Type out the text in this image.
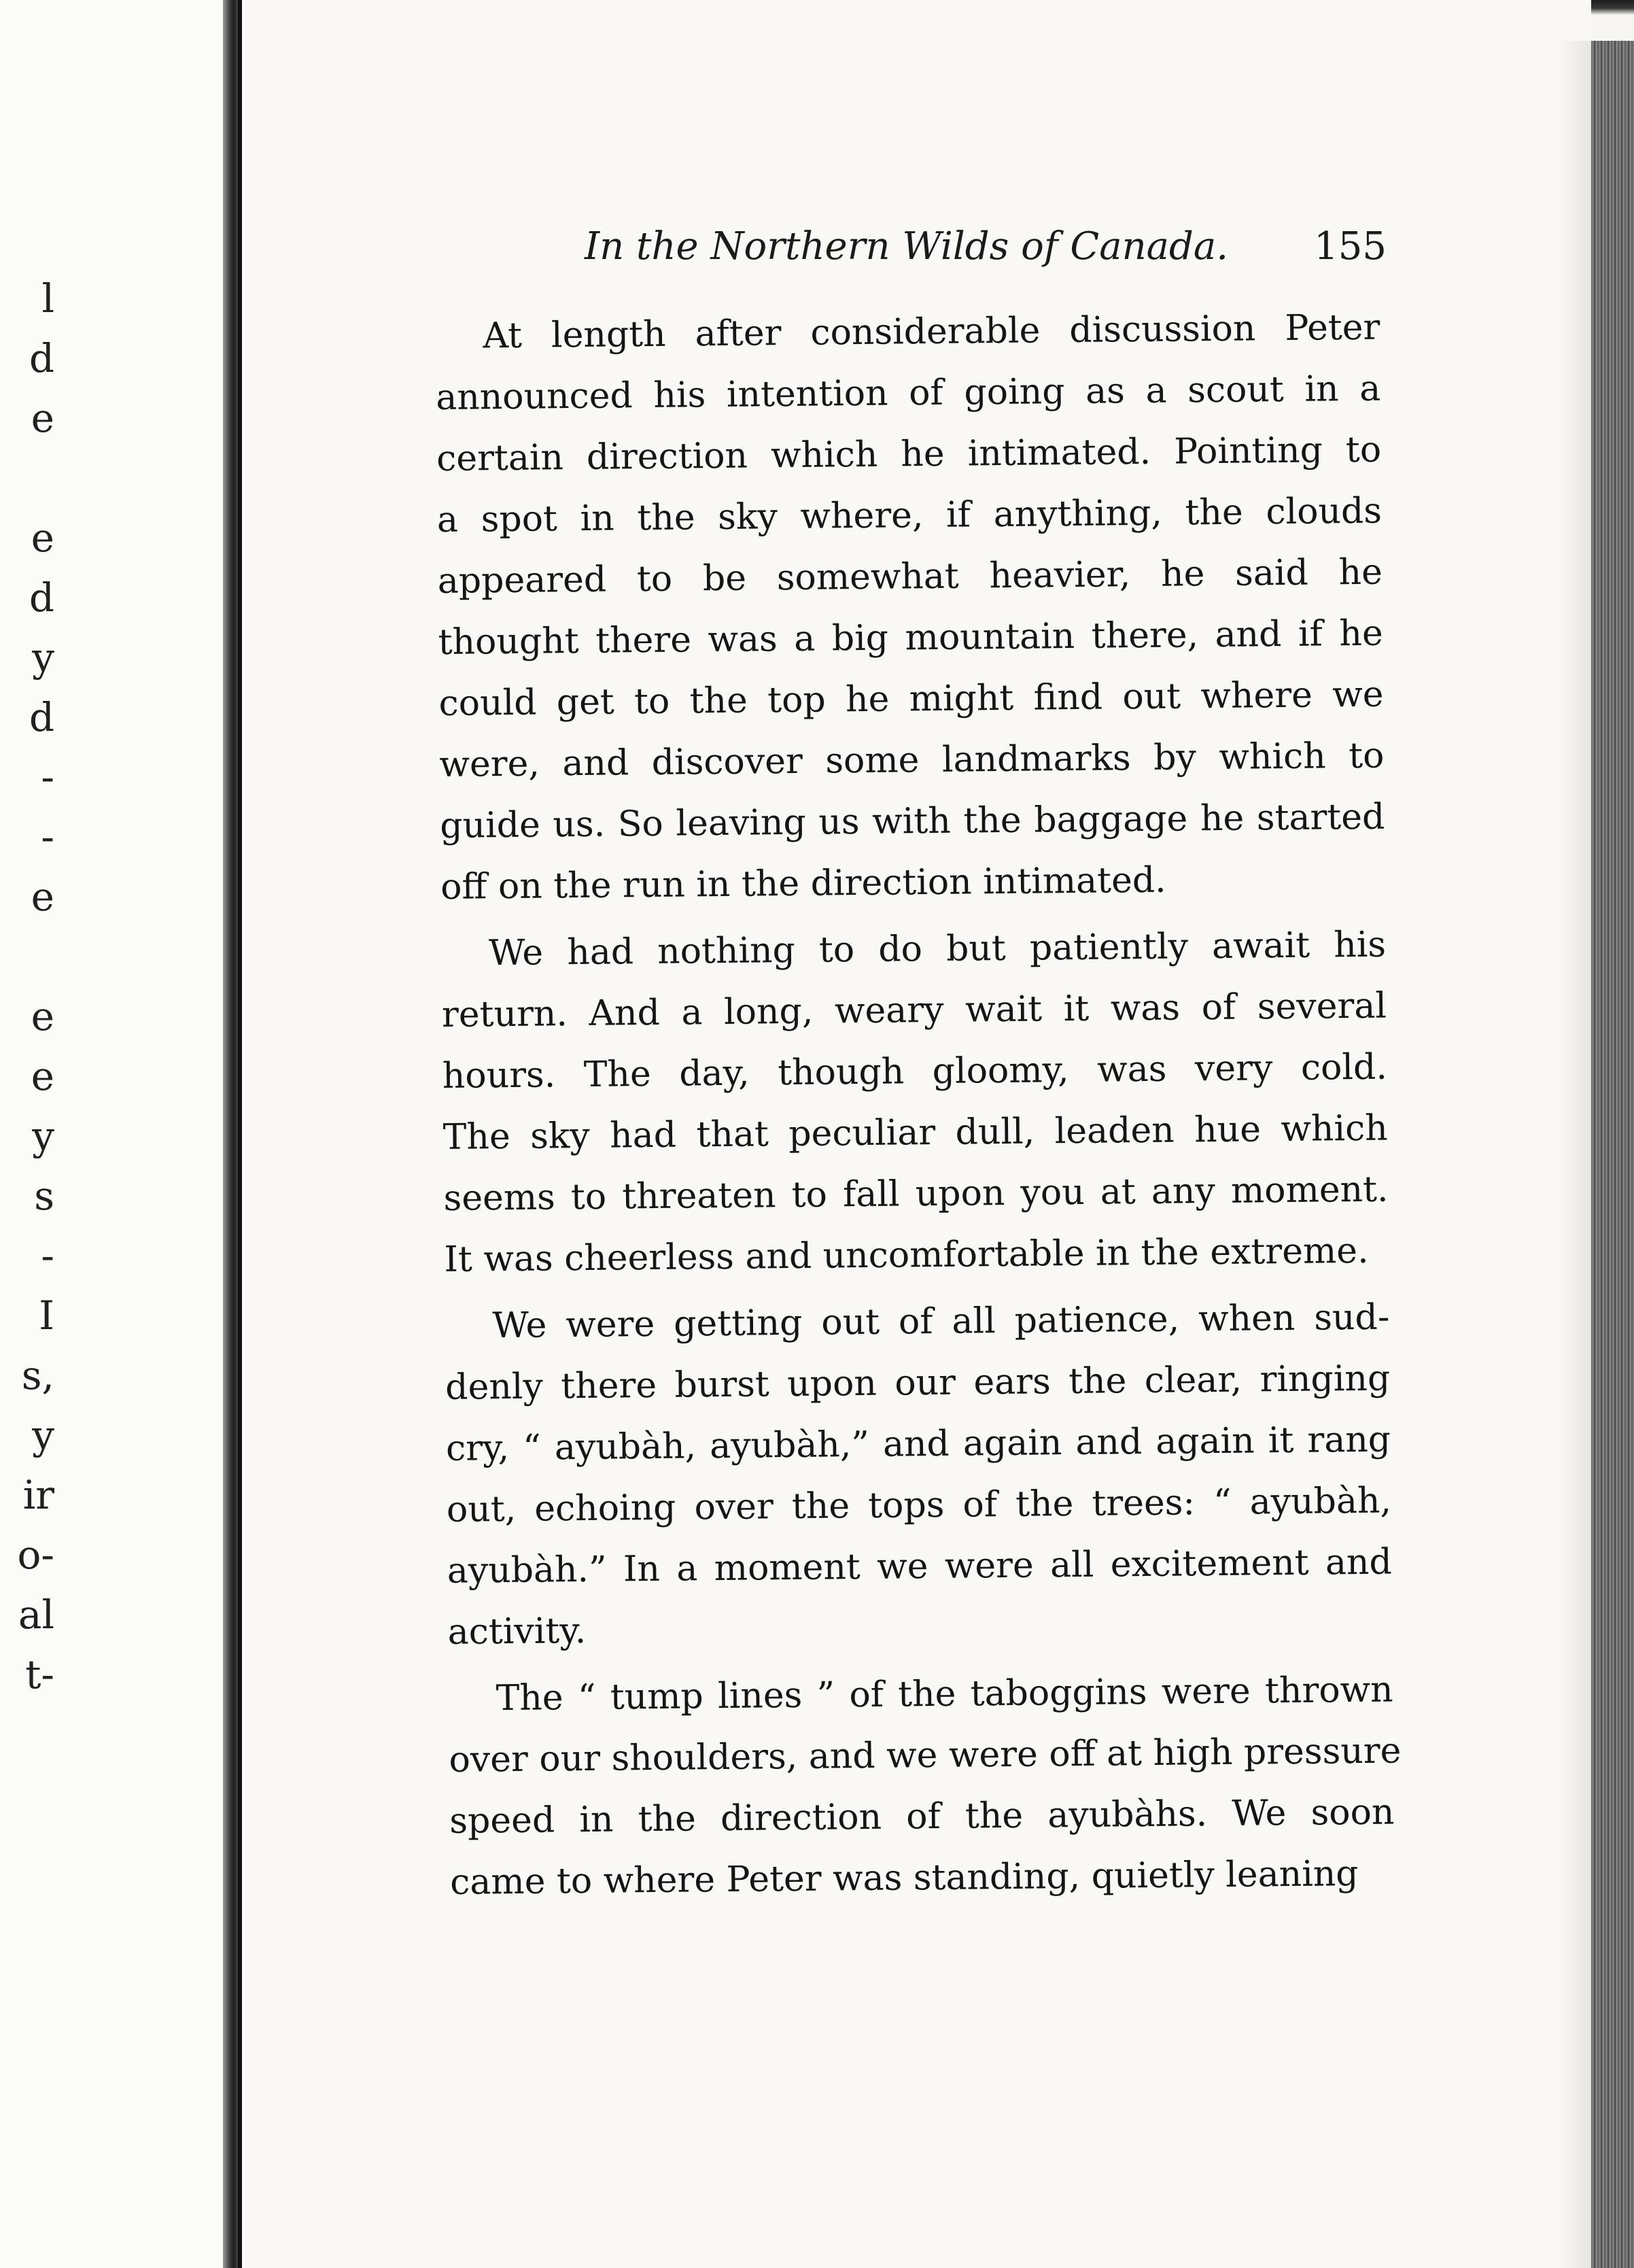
l
d
e
e
d
y
d
-
-
e
e
e
y
s
-
I
s,
y
ir
o-
al
t-
In the Northern Wilds of Canada. 155
At length after considerable discussion Peter
announced his intention of going as a scout in a
certain direction which he intimated. Pointing to
a spot in the sky where, if anything, the clouds
appeared to be somewhat heavier, he said he
thought there was a big mountain there, and if he
could get to the top he might find out where we
were, and discover some landmarks by which to
guide us. So leaving us with the baggage he started
off on the run in the direction intimated.
We had nothing to do but patiently await his
return. And a long, weary wait it was of several
hours. The day, though gloomy, was very cold.
The sky had that peculiar dull, leaden hue which
seems to threaten to fall upon you at any moment.
It was cheerless and uncomfortable in the extreme.
We were getting out of all patience, when sud-
denly there burst upon our ears the clear, ringing
cry, “ ayubàh, ayubàh,” and again and again it rang
out, echoing over the tops of the trees: “ ayubàh,
ayubàh.” In a moment we were all excitement and
activity.
The “ tump lines ” of the taboggins were thrown
over our shoulders, and we were off at high pressure
speed in the direction of the ayubàhs. We soon
came to where Peter was standing, quietly leaning
